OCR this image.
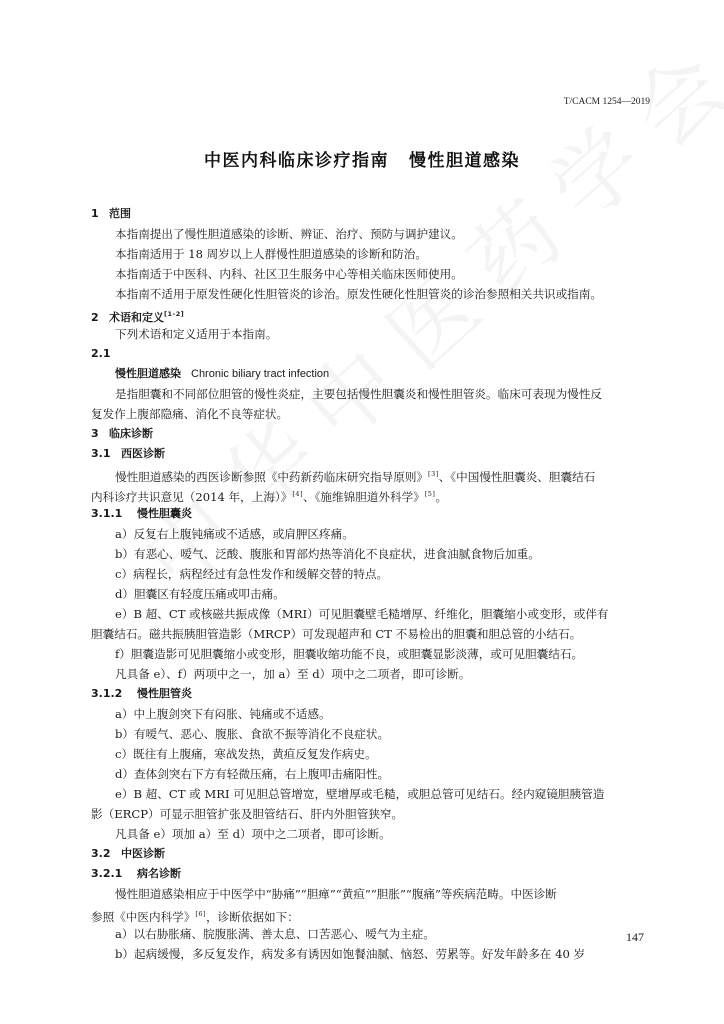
T/CACM 1254—2019
中医内科临床诊疗指南 慢性胆道感染
1 范围
本指南提出了慢性胆道感染的诊断、辨证、治疗、预防与调护建议。
本指南适用于 18 周岁以上人群慢性胆道感染的诊断和防治。
本指南适于中医科、内科、社区卫生服务中心等相关临床医师使用。
本指南不适用于原发性硬化性胆管炎的诊治。原发性硬化性胆管炎的诊治参照相关共识或指南。
2 术语和定义[1-2]
下列术语和定义适用于本指南。
2.1
慢性胆道感染 Chronic biliary tract infection
是指胆囊和不同部位胆管的慢性炎症，主要包括慢性胆囊炎和慢性胆管炎。临床可表现为慢性反
复发作上腹部隐痛、消化不良等症状。
3 临床诊断
3.1 西医诊断
慢性胆道感染的西医诊断参照《中药新药临床研究指导原则》[3]、《中国慢性胆囊炎、胆囊结石
内科诊疗共识意见（2014 年，上海）》[4]、《施维锦胆道外科学》[5]。
3.1.1 慢性胆囊炎
a）反复右上腹钝痛或不适感，或肩胛区疼痛。
b）有恶心、嗳气、泛酸、腹胀和胃部灼热等消化不良症状，进食油腻食物后加重。
c）病程长，病程经过有急性发作和缓解交替的特点。
d）胆囊区有轻度压痛或叩击痛。
e）B 超、CT 或核磁共振成像（MRI）可见胆囊壁毛糙增厚、纤维化，胆囊缩小或变形，或伴有
胆囊结石。磁共振胰胆管造影（MRCP）可发现超声和 CT 不易检出的胆囊和胆总管的小结石。
f）胆囊造影可见胆囊缩小或变形，胆囊收缩功能不良，或胆囊显影淡薄，或可见胆囊结石。
凡具备 e）、f）两项中之一，加 a）至 d）项中之二项者，即可诊断。
3.1.2 慢性胆管炎
a）中上腹剑突下有闷胀、钝痛或不适感。
b）有嗳气、恶心、腹胀、食欲不振等消化不良症状。
c）既往有上腹痛，寒战发热，黄疸反复发作病史。
d）查体剑突右下方有轻微压痛，右上腹叩击痛阳性。
e）B 超、CT 或 MRI 可见胆总管增宽，壁增厚或毛糙，或胆总管可见结石。经内窥镜胆胰管造
影（ERCP）可显示胆管扩张及胆管结石、肝内外胆管狭窄。
凡具备 e）项加 a）至 d）项中之二项者，即可诊断。
3.2 中医诊断
3.2.1 病名诊断
慢性胆道感染相应于中医学中“胁痛”“胆瘅”“黄疸”“胆胀”“腹痛”等疾病范畴。中医诊断
参照《中医内科学》[6]，诊断依据如下：
a）以右胁胀痛、脘腹胀满、善太息、口苦恶心、嗳气为主症。
b）起病缓慢，多反复发作，病发多有诱因如饱餐油腻、恼怒、劳累等。好发年龄多在 40 岁
147
